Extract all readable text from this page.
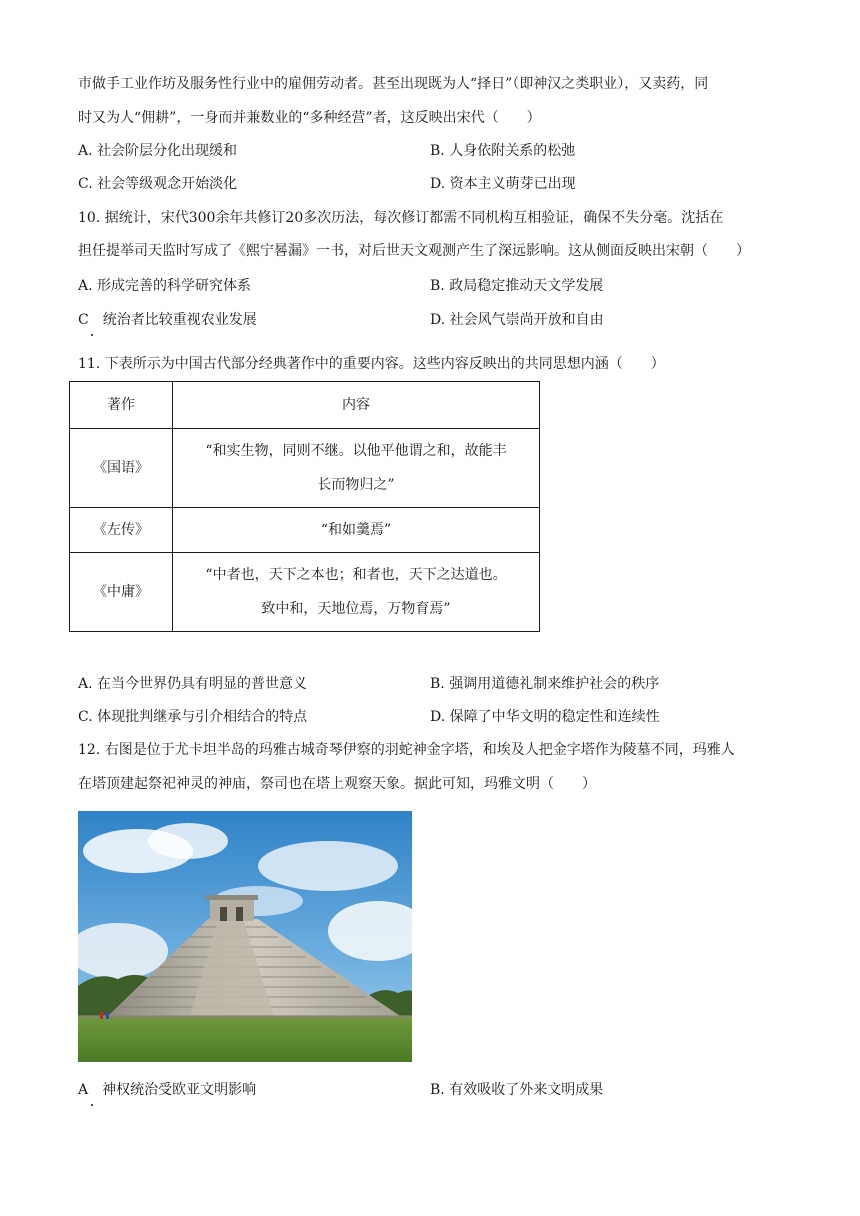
市做手工业作坊及服务性行业中的雇佣劳动者。甚至出现既为人“择日”（即神汉之类职业），又卖药，同
时又为人“佣耕”，一身而并兼数业的“多种经营”者，这反映出宋代（　　）
A. 社会阶层分化出现缓和	B. 人身依附关系的松弛
C. 社会等级观念开始淡化	D. 资本主义萌芽已出现
10. 据统计，宋代300余年共修订20多次历法，每次修订都需不同机构互相验证，确保不失分毫。沈括在
担任提举司天监时写成了《熙宁晷漏》一书，对后世天文观测产生了深远影响。这从侧面反映出宋朝（　　）
A. 形成完善的科学研究体系	B. 政局稳定推动天文学发展
C　统治者比较重视农业发展	D. 社会风气崇尚开放和自由
11. 下表所示为中国古代部分经典著作中的重要内容。这些内容反映出的共同思想内涵（　　）
著作	内容
《国语》	“和实生物，同则不继。以他平他谓之和，故能丰
长而物归之”

《左传》	“和如羹焉”

《中庸》	“中者也，天下之本也；和者也，天下之达道也。
致中和，天地位焉，万物育焉”
A. 在当今世界仍具有明显的普世意义	B. 强调用道德礼制来维护社会的秩序
C. 体现批判继承与引介相结合的特点	D. 保障了中华文明的稳定性和连续性
12. 右图是位于尤卡坦半岛的玛雅古城奇琴伊察的羽蛇神金字塔，和埃及人把金字塔作为陵墓不同，玛雅人
在塔顶建起祭祀神灵的神庙，祭司也在塔上观察天象。据此可知，玛雅文明（　　）
A　神权统治受欧亚文明影响	B. 有效吸收了外来文明成果
